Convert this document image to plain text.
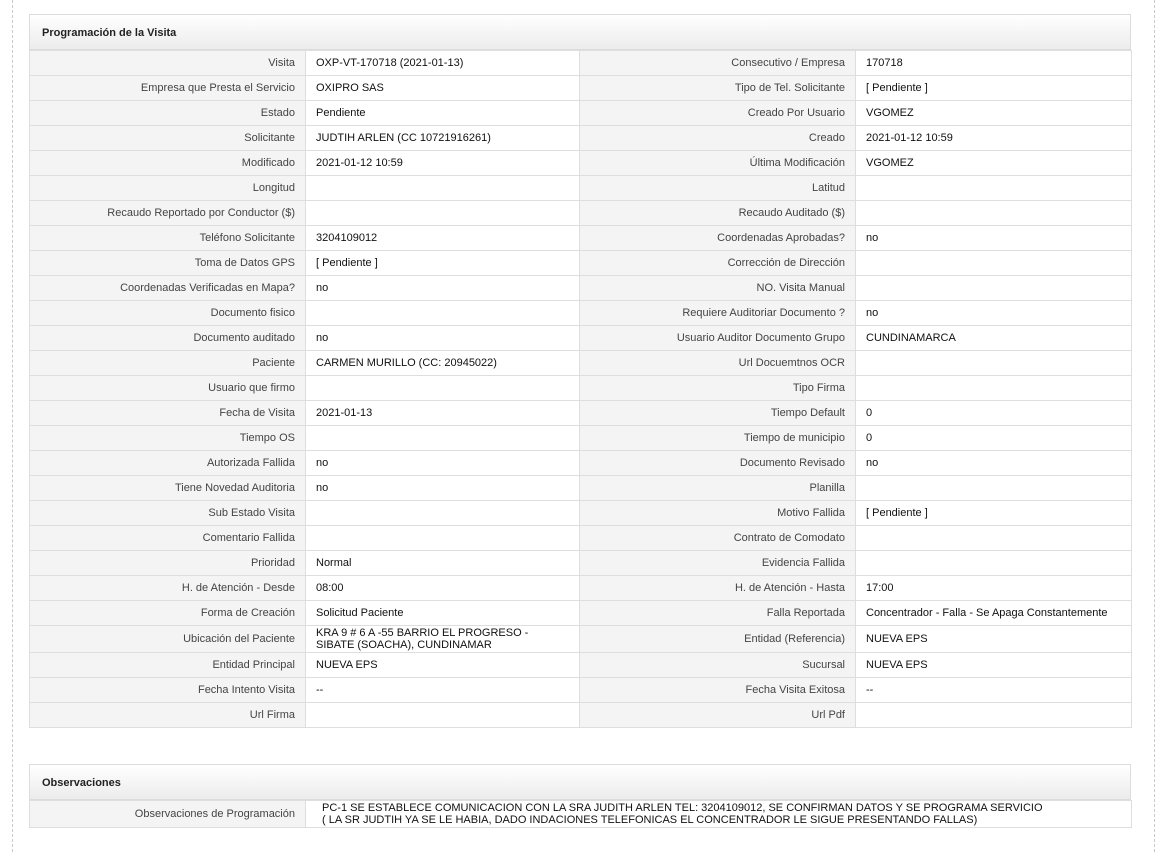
Programación de la Visita
Visita	OXP-VT-170718 (2021-01-13)	Consecutivo / Empresa	170718
Empresa que Presta el Servicio	OXIPRO SAS	Tipo de Tel. Solicitante	[ Pendiente ]
Estado	Pendiente	Creado Por Usuario	VGOMEZ
Solicitante	JUDTIH ARLEN (CC 10721916261)	Creado	2021-01-12 10:59
Modificado	2021-01-12 10:59	Última Modificación	VGOMEZ
Longitud		Latitud	
Recaudo Reportado por Conductor ($)		Recaudo Auditado ($)	
Teléfono Solicitante	3204109012	Coordenadas Aprobadas?	no
Toma de Datos GPS	[ Pendiente ]	Corrección de Dirección	
Coordenadas Verificadas en Mapa?	no	NO. Visita Manual	
Documento fisico		Requiere Auditoriar Documento ?	no
Documento auditado	no	Usuario Auditor Documento Grupo	CUNDINAMARCA
Paciente	CARMEN MURILLO (CC: 20945022)	Url Docuemtnos OCR	
Usuario que firmo		Tipo Firma	
Fecha de Visita	2021-01-13	Tiempo Default	0
Tiempo OS		Tiempo de municipio	0
Autorizada Fallida	no	Documento Revisado	no
Tiene Novedad Auditoria	no	Planilla	
Sub Estado Visita		Motivo Fallida	[ Pendiente ]
Comentario Fallida		Contrato de Comodato	
Prioridad	Normal	Evidencia Fallida	
H. de Atención - Desde	08:00	H. de Atención - Hasta	17:00
Forma de Creación	Solicitud Paciente	Falla Reportada	Concentrador - Falla - Se Apaga Constantemente
Ubicación del Paciente	KRA 9 # 6 A -55 BARRIO EL PROGRESO - SIBATE (SOACHA), CUNDINAMAR	Entidad (Referencia)	NUEVA EPS
Entidad Principal	NUEVA EPS	Sucursal	NUEVA EPS
Fecha Intento Visita	--	Fecha Visita Exitosa	--
Url Firma		Url Pdf	
Observaciones
Observaciones de Programación	PC-1 SE ESTABLECE COMUNICACION CON LA SRA JUDITH ARLEN TEL: 3204109012, SE CONFIRMAN DATOS Y SE PROGRAMA SERVICIO
( LA SR JUDTIH YA SE LE HABIA, DADO INDACIONES TELEFONICAS EL CONCENTRADOR LE SIGUE PRESENTANDO FALLAS)
